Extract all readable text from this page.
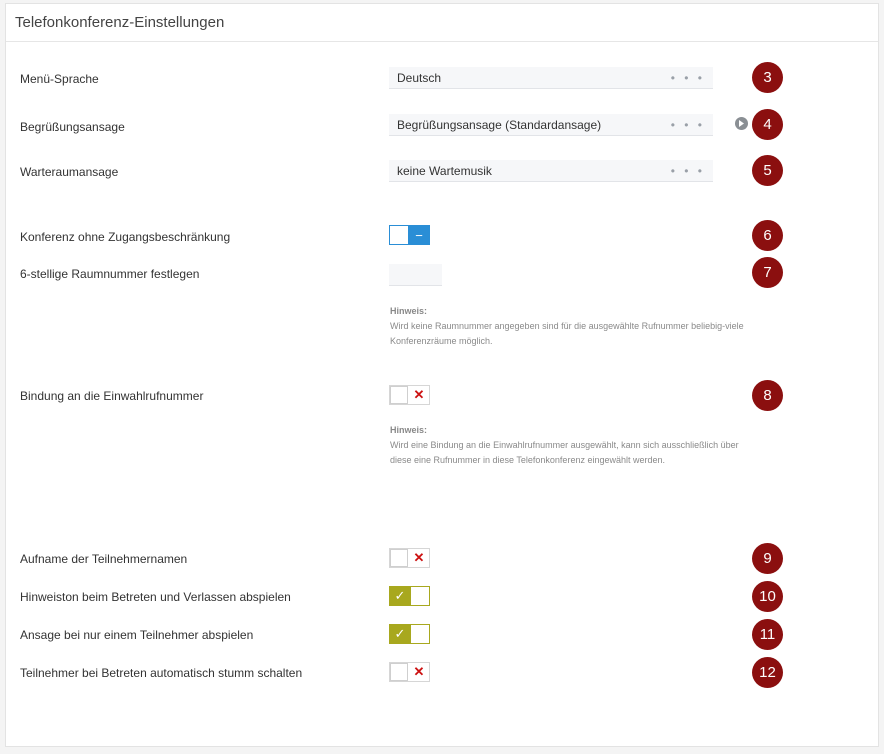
Telefonkonferenz-Einstellungen
Menü-Sprache	Deutsch	• • •	3
Begrüßungsansage	Begrüßungsansage (Standardansage)	• • •	4
Warteraumansage	keine Wartemusik	• • •	5
Konferenz ohne Zugangsbeschränkung	−	6
6-stellige Raumnummer festlegen	7
Hinweis:
Wird keine Raumnummer angegeben sind für die ausgewählte Rufnummer beliebig-viele Konferenzräume möglich.
Bindung an die Einwahlrufnummer	✕	8
Hinweis:
Wird eine Bindung an die Einwahlrufnummer ausgewählt, kann sich ausschließlich über diese eine Rufnummer in diese Telefonkonferenz eingewählt werden.
Aufname der Teilnehmernamen	✕	9
Hinweiston beim Betreten und Verlassen abspielen	✓	10
Ansage bei nur einem Teilnehmer abspielen	✓	11
Teilnehmer bei Betreten automatisch stumm schalten	✕	12
